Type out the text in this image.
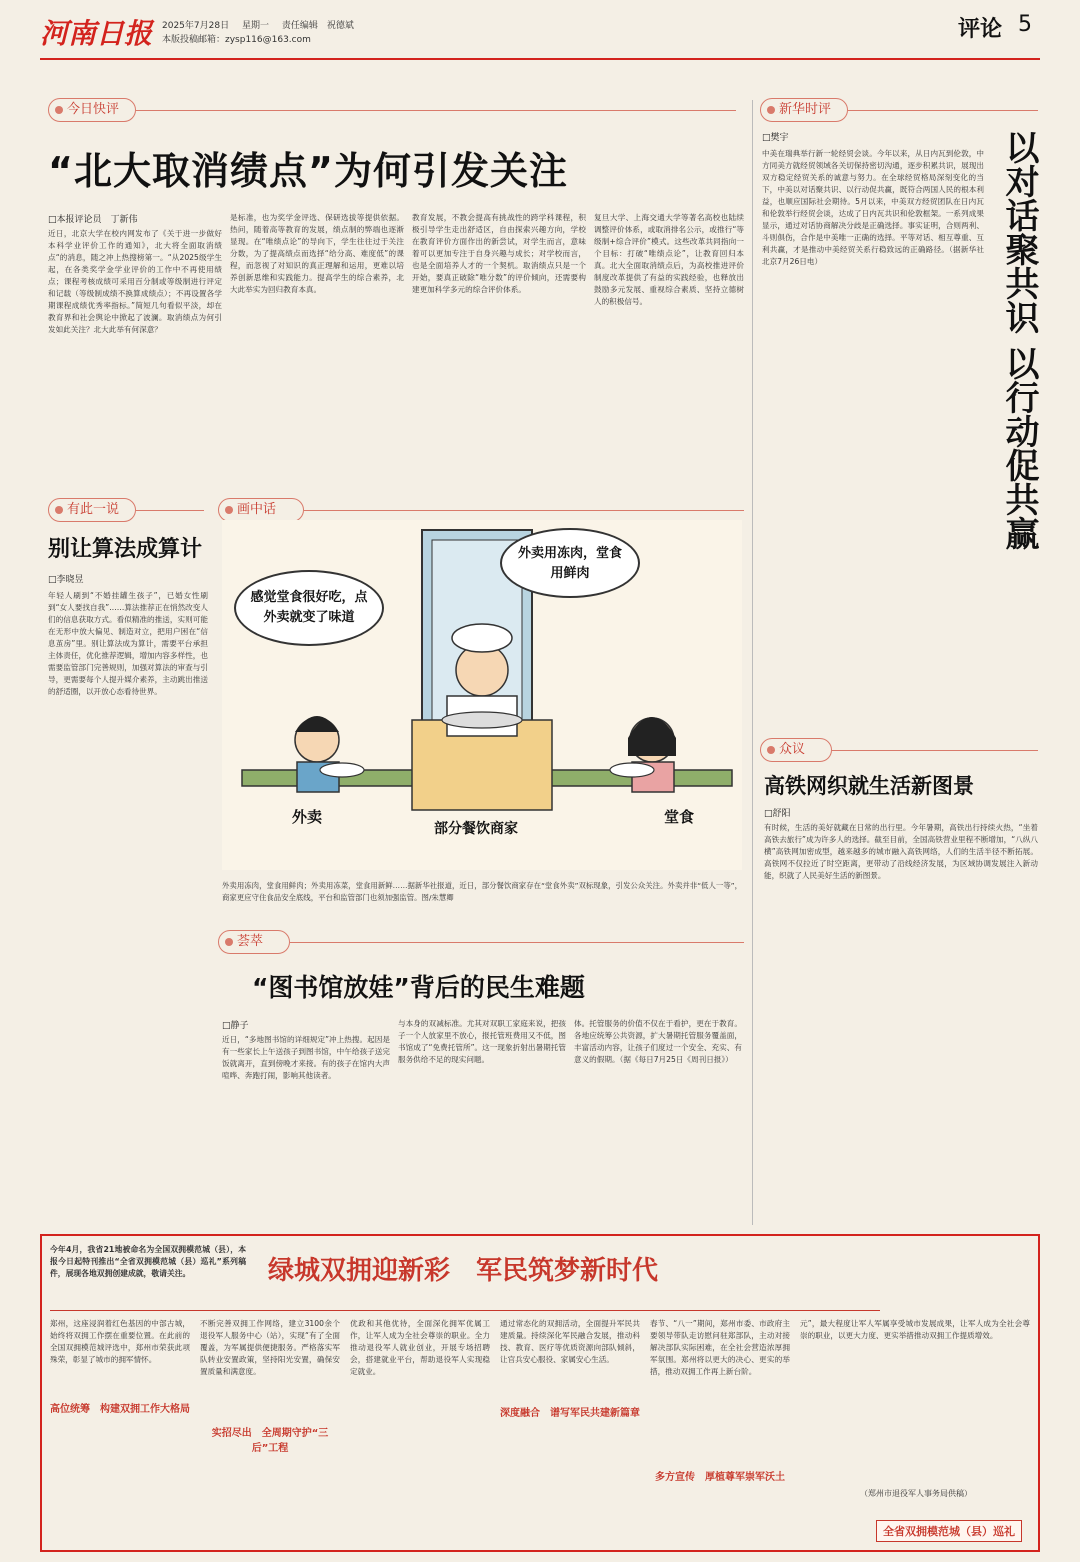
河南日报 2025年7月28日 星期一 责任编辑　祝德斌
本版投稿邮箱：zysp116@163.com	评论 5
今日快评
“北大取消绩点”为何引发关注
□本报评论员　丁新伟
近日，北京大学在校内网发布了《关于进一步做好本科学业评价工作的通知》，北大将全面取消绩点“的消息，随之冲上热搜榜第一。“从2025级学生起，在各类奖学金学业评价的工作中不再使用绩点；课程考核成绩可采用百分制或等级制进行评定和记载（等级制成绩不换算成绩点）；不再设置各学期课程成绩优秀率指标。”简短几句看似平淡，却在教育界和社会舆论中掀起了波澜。取消绩点为何引发如此关注？北大此举有何深意？
是标准，也为奖学金评选、保研选拔等提供依据。热问，随着高等教育的发展，绩点制的弊端也逐渐显现。在“唯绩点论”的导向下，学生往往过于关注分数，为了提高绩点而选择“给分高、难度低”的课程，而忽视了对知识的真正理解和运用，更难以培养创新思维和实践能力。提高学生的综合素养，北大此举实为回归教育本真。
教育发展，不教会提高有挑战性的跨学科课程，积极引导学生走出舒适区，自由探索兴趣方向，学校在教育评价方面作出的新尝试，对学生而言，意味着可以更加专注于自身兴趣与成长；对学校而言，也是全面培养人才的一个契机。取消绩点只是一个开始，要真正破除“唯分数”的评价倾向，还需要构建更加科学多元的综合评价体系。
复旦大学、上海交通大学等著名高校也陆续调整评价体系，或取消排名公示，或推行“等级制+综合评价”模式。这些改革共同指向一个目标：打破“唯绩点论”，让教育回归本真。北大全面取消绩点后，为高校推进评价制度改革提供了有益的实践经验，也释放出鼓励多元发展、重视综合素质、坚持立德树人的积极信号。
新华时评
□樊宇
中美在瑞典举行新一轮经贸会谈。今年以来，从日内瓦到伦敦，中方同美方就经贸领域各关切保持密切沟通，逐步积累共识，展现出双方稳定经贸关系的诚意与努力。在全球经贸格局深刻变化的当下，中美以对话聚共识、以行动促共赢，既符合两国人民的根本利益，也顺应国际社会期待。5月以来，中美双方经贸团队在日内瓦和伦敦举行经贸会谈，达成了日内瓦共识和伦敦框架。一系列成果显示，通过对话协商解决分歧是正确选择。事实证明，合则两利、斗则俱伤，合作是中美唯一正确的选择。平等对话、相互尊重、互利共赢，才是推动中美经贸关系行稳致远的正确路径。（据新华社北京7月26日电）	以对话聚共识 以行动促共赢
有此一说
别让算法成算计
□李晓昱
年轻人刷到“不婚挂罐生孩子”，已婚女性刷到“女人要找自我”……算法推荐正在悄然改变人们的信息获取方式。看似精准的推送，实则可能在无形中放大偏见、制造对立，把用户困在“信息茧房”里。别让算法成为算计，需要平台承担主体责任，优化推荐逻辑，增加内容多样性，也需要监管部门完善规则，加强对算法的审查与引导，更需要每个人提升媒介素养，主动跳出推送的舒适圈，以开放心态看待世界。
画中话
感觉堂食很好吃，点外卖就变了味道
外卖用冻肉，堂食用鲜肉
外卖
部分餐饮商家
堂食
外卖用冻肉，堂食用鲜肉；外卖用冻菜，堂食用新鲜……据新华社报道，近日，部分餐饮商家存在“堂食外卖”双标现象，引发公众关注。外卖并非“低人一等”，商家更应守住食品安全底线，平台和监管部门也须加强监管。图/朱慧卿
荟萃
“图书馆放娃”背后的民生难题
□静子
近日，“多地图书馆的详细规定”冲上热搜。起因是有一些家长上午送孩子到图书馆，中午给孩子送完饭就离开，直到傍晚才来接。有的孩子在馆内大声喧哗、奔跑打闹，影响其他读者。
与本身的双减标准。尤其对双职工家庭来说，把孩子一个人放家里不放心，报托管班费用又不低，图书馆成了“免费托管所”。这一现象折射出暑期托管服务供给不足的现实问题。
体。托管服务的价值不仅在于看护，更在于教育。各地应统筹公共资源，扩大暑期托管服务覆盖面，丰富活动内容，让孩子们度过一个安全、充实、有意义的假期。（据《每日7月25日《周刊日报》）
众议
高铁网织就生活新图景
□舒阳
有时候，生活的美好就藏在日常的出行里。今年暑期，高铁出行持续火热，“坐着高铁去旅行”成为许多人的选择。截至目前，全国高铁营业里程不断增加，“八纵八横”高铁网加密成型，越来越多的城市融入高铁网络，人们的生活半径不断拓展。高铁网不仅拉近了时空距离，更带动了沿线经济发展，为区域协调发展注入新动能，织就了人民美好生活的新图景。
今年4月，我省21地被命名为全国双拥模范城（县），本报今日起特刊推出“全省双拥模范城（县）巡礼”系列稿件，展现各地双拥创建成就，敬请关注。	绿城双拥迎新彩　军民筑梦新时代
郑州，这座浸润着红色基因的中部古城，始终将双拥工作摆在重要位置。在此前的全国双拥模范城评选中，郑州市荣获此项殊荣，彰显了城市的拥军情怀。
高位统筹　构建双拥工作大格局
不断完善双拥工作网络，建立3100余个退役军人服务中心（站），实现“有了全面覆盖，为军属提供便捷服务。严格落实军队转业安置政策，坚持阳光安置，确保安置质量和满意度。
实招尽出　全周期守护“三后”工程
优政和其他优待，全面深化拥军优属工作，让军人成为全社会尊崇的职业。全力推动退役军人就业创业，开展专场招聘会，搭建就业平台，帮助退役军人实现稳定就业。
通过常态化的双拥活动，全面提升军民共建质量。持续深化军民融合发展，推动科技、教育、医疗等优质资源向部队倾斜，让官兵安心服役、家属安心生活。
深度融合　谱写军民共建新篇章
春节、“八一”期间，郑州市委、市政府主要领导带队走访慰问驻郑部队，主动对接解决部队实际困难，在全社会营造浓厚拥军氛围。郑州将以更大的决心、更实的举措，推动双拥工作再上新台阶。
多方宣传　厚植尊军崇军沃土
元”，最大程度让军人军属享受城市发展成果，让军人成为全社会尊崇的职业，以更大力度、更实举措推动双拥工作提质增效。
（郑州市退役军人事务局供稿）
全省双拥模范城（县）巡礼
